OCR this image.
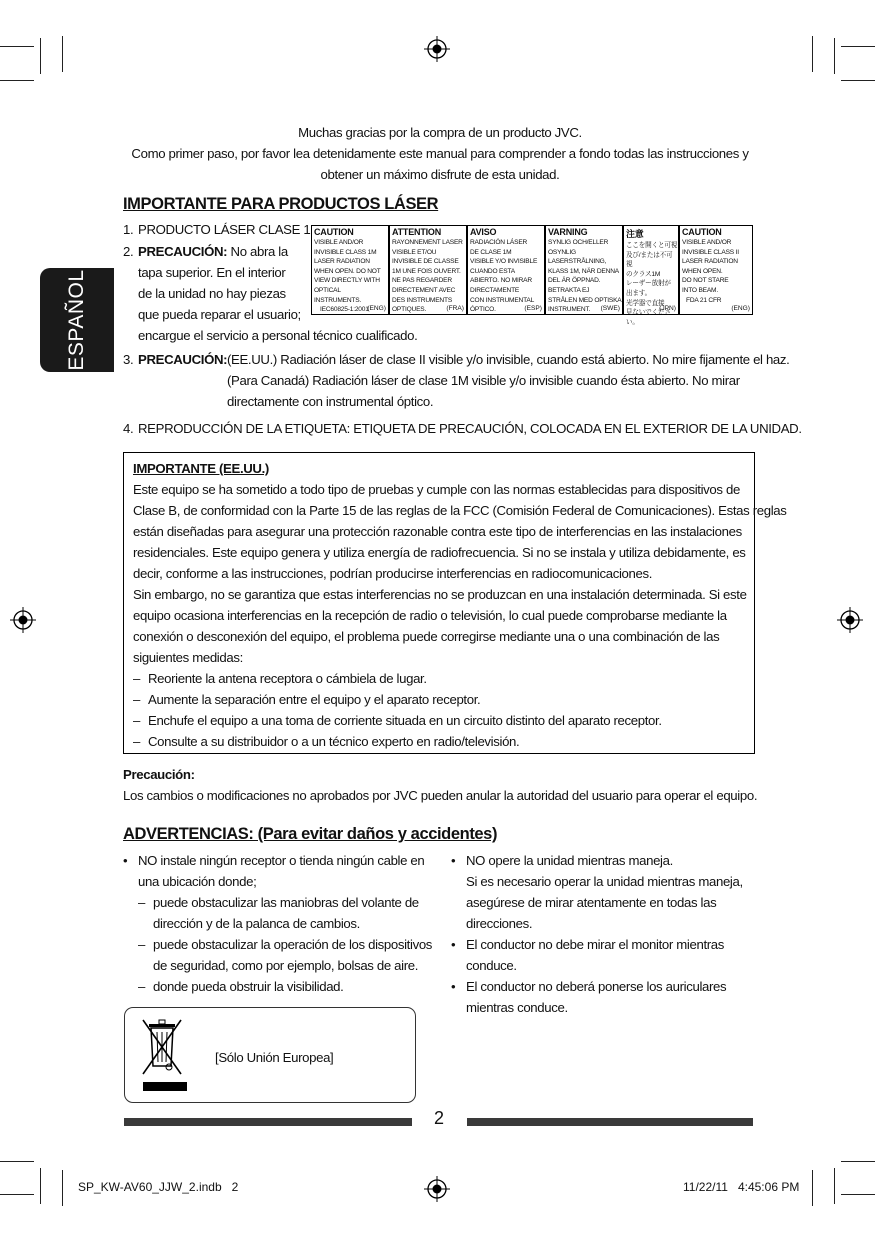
ESPAÑOL
Muchas gracias por la compra de un producto JVC.
Como primer paso, por favor lea detenidamente este manual para comprender a fondo todas las instrucciones y
obtener un máximo disfrute de esta unidad.
IMPORTANTE PARA PRODUCTOS LÁSER
1. PRODUCTO LÁSER CLASE 1
2. PRECAUCIÓN: No abra la
tapa superior. En el interior
de la unidad no hay piezas
que pueda reparar el usuario;
encargue el servicio a personal técnico cualificado.
3. PRECAUCIÓN: (EE.UU.) Radiación láser de clase II visible y/o invisible, cuando está abierto. No mire fijamente el haz.
(Para Canadá) Radiación láser de clase 1M visible y/o invisible cuando ésta abierto. No mirar
directamente con instrumental óptico.
4. REPRODUCCIÓN DE LA ETIQUETA: ETIQUETA DE PRECAUCIÓN, COLOCADA EN EL EXTERIOR DE LA UNIDAD.
CAUTION
VISIBLE AND/OR
INVISIBLE CLASS 1M
LASER RADIATION
WHEN OPEN. DO NOT
VIEW DIRECTLY WITH
OPTICAL INSTRUMENTS.
IEC60825-1:2001
(ENG)
ATTENTION
RAYONNEMENT LASER
VISIBLE ET/OU
INVISIBLE DE CLASSE
1M UNE FOIS OUVERT.
NE PAS REGARDER
DIRECTEMENT AVEC
DES INSTRUMENTS
OPTIQUES.	(FRA)
AVISO
RADIACIÓN LÁSER
DE CLASE 1M
VISIBLE Y/O INVISIBLE
CUANDO ESTA
ABIERTO. NO MIRAR
DIRECTAMENTE
CON INSTRUMENTAL
ÓPTICO.	(ESP)
VARNING
SYNLIG OCH/ELLER
OSYNLIG
LASERSTRÅLNING,
KLASS 1M, NÄR DENNA
DEL ÄR ÖPPNAD.
BETRAKTA EJ
STRÅLEN MED OPTISKA
INSTRUMENT.	(SWE)
注意
ここを開くと可視
及び/または不可視
のクラス1M
レーザー放射が
出ます。
光学器で直接
見ないでください。
(JPN)
CAUTION
VISIBLE AND/OR
INVISIBLE CLASS II
LASER RADIATION
WHEN OPEN.
DO NOT STARE
INTO BEAM.
FDA 21 CFR
(ENG)
IMPORTANTE (EE.UU.)
Este equipo se ha sometido a todo tipo de pruebas y cumple con las normas establecidas para dispositivos de
Clase B, de conformidad con la Parte 15 de las reglas de la FCC (Comisión Federal de Comunicaciones). Estas reglas
están diseñadas para asegurar una protección razonable contra este tipo de interferencias en las instalaciones
residenciales. Este equipo genera y utiliza energía de radiofrecuencia. Si no se instala y utiliza debidamente, es
decir, conforme a las instrucciones, podrían producirse interferencias en radiocomunicaciones.
Sin embargo, no se garantiza que estas interferencias no se produzcan en una instalación determinada. Si este
equipo ocasiona interferencias en la recepción de radio o televisión, lo cual puede comprobarse mediante la
conexión o desconexión del equipo, el problema puede corregirse mediante una o una combinación de las
siguientes medidas:
– Reoriente la antena receptora o cámbiela de lugar.
– Aumente la separación entre el equipo y el aparato receptor.
– Enchufe el equipo a una toma de corriente situada en un circuito distinto del aparato receptor.
– Consulte a su distribuidor o a un técnico experto en radio/televisión.
Precaución:
Los cambios o modificaciones no aprobados por JVC pueden anular la autoridad del usuario para operar el equipo.
ADVERTENCIAS: (Para evitar daños y accidentes)
• NO instale ningún receptor o tienda ningún cable en
una ubicación donde;
– puede obstaculizar las maniobras del volante de
dirección y de la palanca de cambios.
– puede obstaculizar la operación de los dispositivos
de seguridad, como por ejemplo, bolsas de aire.
– donde pueda obstruir la visibilidad.
• NO opere la unidad mientras maneja.
Si es necesario operar la unidad mientras maneja,
asegúrese de mirar atentamente en todas las
direcciones.
• El conductor no debe mirar el monitor mientras
conduce.
• El conductor no deberá ponerse los auriculares
mientras conduce.
[Sólo Unión Europea]
2
SP_KW-AV60_JJW_2.indb 2	11/22/11 4:45:06 PM
